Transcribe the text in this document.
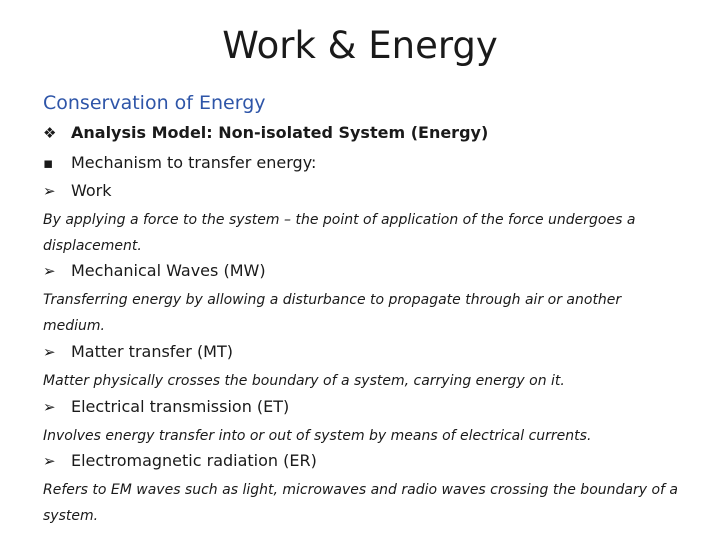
Work & Energy
Conservation of Energy
❖ Analysis Model: Non-isolated System (Energy)
▪ Mechanism to transfer energy:
➢ Work
By applying a force to the system – the point of application of the force undergoes a displacement.
➢ Mechanical Waves (MW)
Transferring energy by allowing a disturbance to propagate through air or another medium.
➢ Matter transfer (MT)
Matter physically crosses the boundary of a system, carrying energy on it.
➢ Electrical transmission (ET)
Involves energy transfer into or out of system by means of electrical currents.
➢ Electromagnetic radiation (ER)
Refers to EM waves such as light, microwaves and radio waves crossing the boundary of a system.
